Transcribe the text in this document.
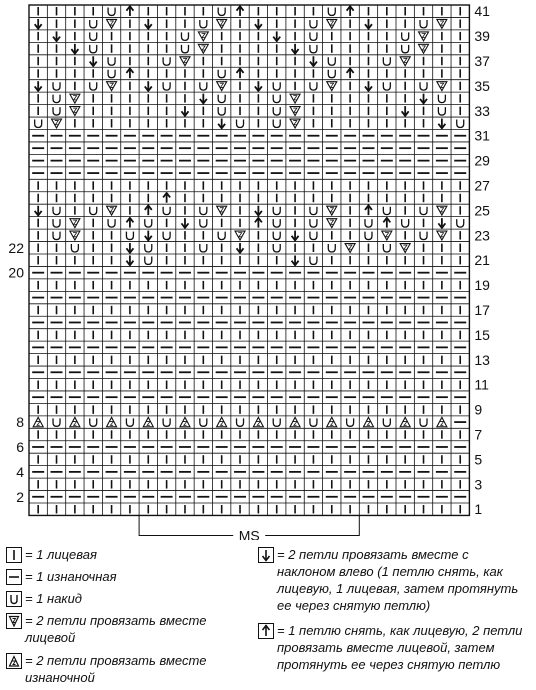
41
39
37
35
33
31
29
27
25
23
21
19
17
15
13
11
9
7
5
3
1
22
20
8
6
4
2
MS
= 1 лицевая
= 1 изнаночная
= 1 накид
= 2 петли провязать вместе лицевой
= 2 петли провязать вместе изнаночной
= 2 петли провязать вместе с наклоном влево (1 петлю снять, как лицевую, 1 лицевая, затем протянуть ее через снятую петлю)
= 1 петлю снять, как лицевую, 2 петли провязать вместе лицевой, затем протянуть ее через снятую петлю
